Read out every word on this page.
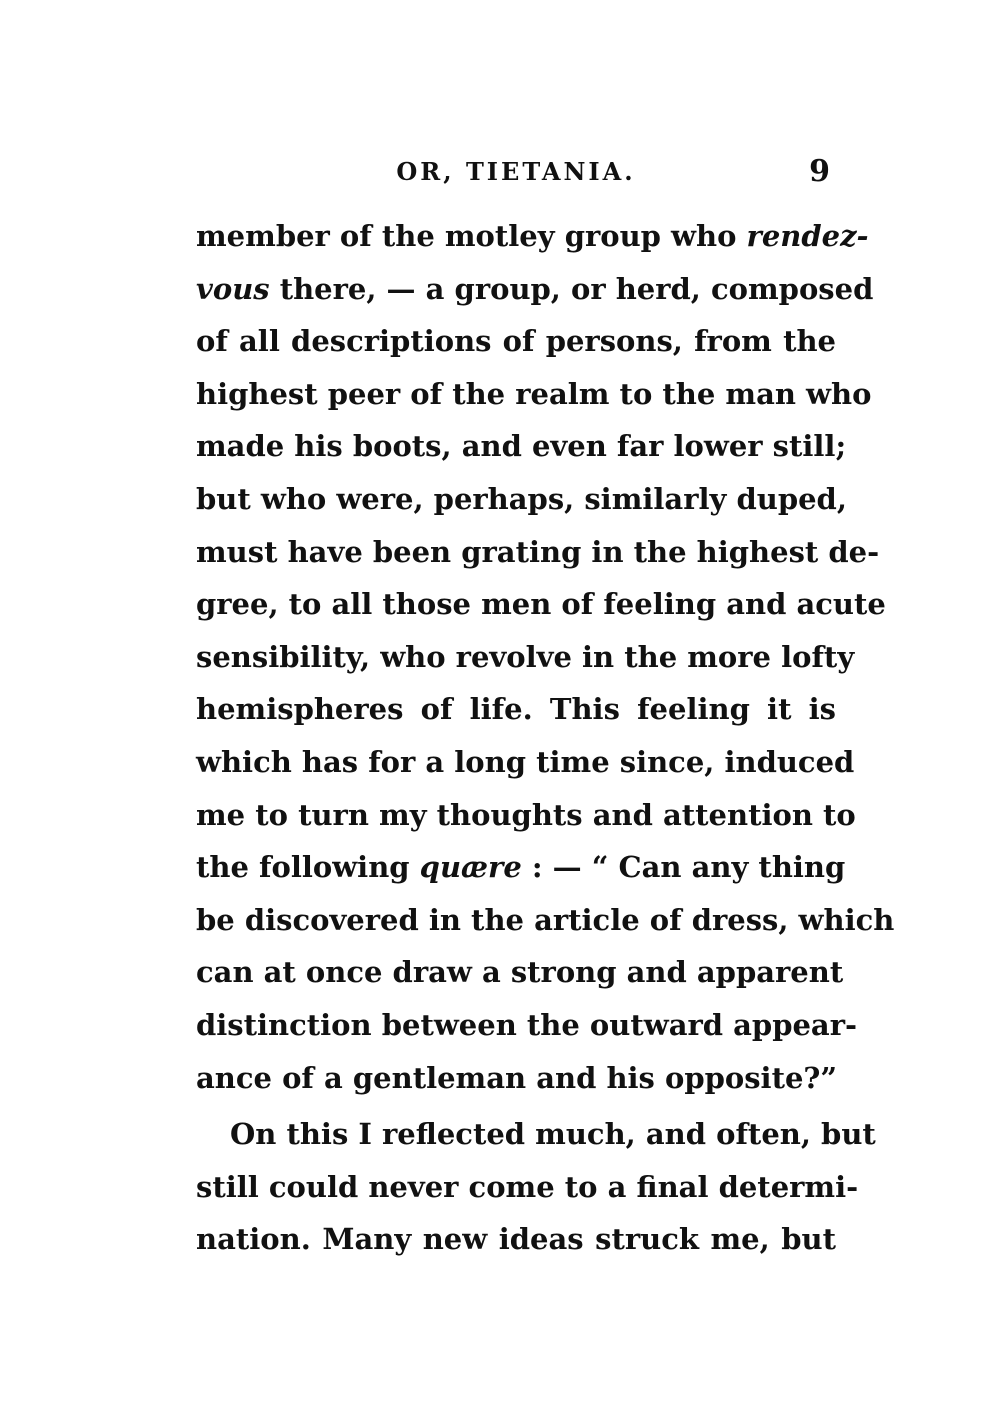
OR, TIETANIA.	9
member of the motley group who rendez-
vous there, — a group, or herd, composed
of all descriptions of persons, from the
highest peer of the realm to the man who
made his boots, and even far lower still;
but who were, perhaps, similarly duped,
must have been grating in the highest de-
gree, to all those men of feeling and acute
sensibility, who revolve in the more lofty
hemispheres of life. This feeling it is
which has for a long time since, induced
me to turn my thoughts and attention to
the following quære : — “ Can any thing
be discovered in the article of dress, which
can at once draw a strong and apparent
distinction between the outward appear-
ance of a gentleman and his opposite?”
On this I reflected much, and often, but
still could never come to a final determi-
nation. Many new ideas struck me, but
